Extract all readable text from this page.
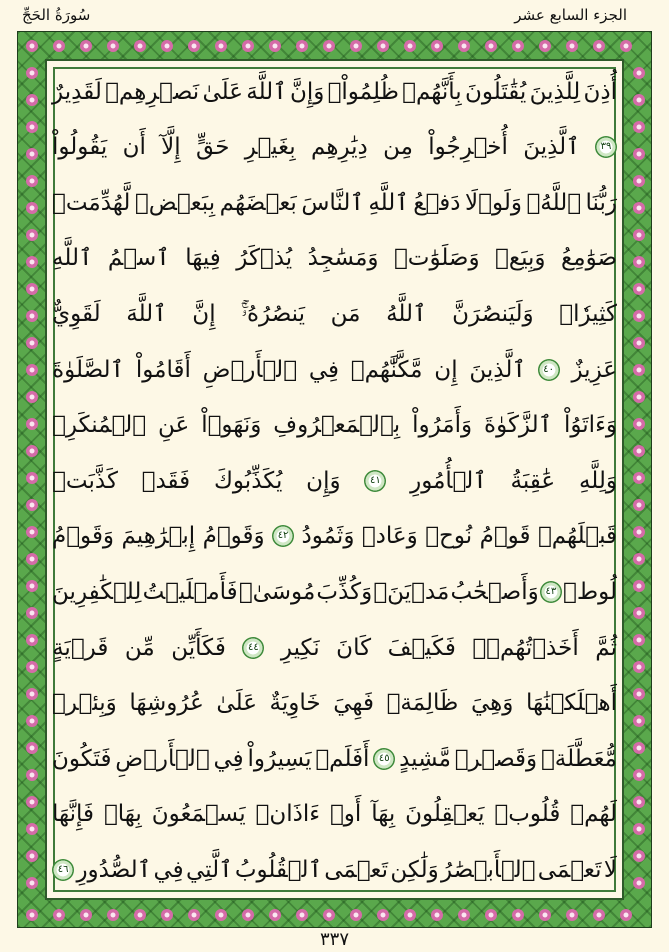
الجزء السابع عشر
سُورَةُ الحَجِّ
أُذِنَ
لِلَّذِينَ
يُقَٰتَلُونَ
بِأَنَّهُمۡ
ظُلِمُواْۚ
وَإِنَّ
ٱللَّهَ
عَلَىٰ
نَصۡرِهِمۡ
لَقَدِيرٌ
٣٩
ٱلَّذِينَ
أُخۡرِجُواْ
مِن
دِيَٰرِهِم
بِغَيۡرِ
حَقٍّ
إِلَّآ
أَن
يَقُولُواْ
رَبُّنَا
ٱللَّهُۗ
وَلَوۡلَا
دَفۡعُ
ٱللَّهِ
ٱلنَّاسَ
بَعۡضَهُم
بِبَعۡضٖ
لَّهُدِّمَتۡ
صَوَٰمِعُ
وَبِيَعٞ
وَصَلَوَٰتٞ
وَمَسَٰجِدُ
يُذۡكَرُ
فِيهَا
ٱسۡمُ
ٱللَّهِ
كَثِيرٗاۗ
وَلَيَنصُرَنَّ
ٱللَّهُ
مَن
يَنصُرُهُۥٓۚ
إِنَّ
ٱللَّهَ
لَقَوِيٌّ
عَزِيزٌ
٤٠
ٱلَّذِينَ
إِن
مَّكَّنَّٰهُمۡ
فِي
ٱلۡأَرۡضِ
أَقَامُواْ
ٱلصَّلَوٰةَ
وَءَاتَوُاْ
ٱلزَّكَوٰةَ
وَأَمَرُواْ
بِٱلۡمَعۡرُوفِ
وَنَهَوۡاْ
عَنِ
ٱلۡمُنكَرِۗ
وَلِلَّهِ
عَٰقِبَةُ
ٱلۡأُمُورِ
٤١
وَإِن
يُكَذِّبُوكَ
فَقَدۡ
كَذَّبَتۡ
قَبۡلَهُمۡ
قَوۡمُ
نُوحٖ
وَعَادٞ
وَثَمُودُ
٤٢
وَقَوۡمُ
إِبۡرَٰهِيمَ
وَقَوۡمُ
لُوطٖ
٤٣
وَأَصۡحَٰبُ
مَدۡيَنَۖ
وَكُذِّبَ
مُوسَىٰۖ
فَأَمۡلَيۡتُ
لِلۡكَٰفِرِينَ
ثُمَّ
أَخَذۡتُهُمۡۖ
فَكَيۡفَ
كَانَ
نَكِيرِ
٤٤
فَكَأَيِّن
مِّن
قَرۡيَةٍ
أَهۡلَكۡنَٰهَا
وَهِيَ
ظَالِمَةٞ
فَهِيَ
خَاوِيَةٌ
عَلَىٰ
عُرُوشِهَا
وَبِئۡرٖ
مُّعَطَّلَةٖ
وَقَصۡرٖ
مَّشِيدٍ
٤٥
أَفَلَمۡ
يَسِيرُواْ
فِي
ٱلۡأَرۡضِ
فَتَكُونَ
لَهُمۡ
قُلُوبٞ
يَعۡقِلُونَ
بِهَآ
أَوۡ
ءَاذَانٞ
يَسۡمَعُونَ
بِهَاۖ
فَإِنَّهَا
لَا
تَعۡمَى
ٱلۡأَبۡصَٰرُ
وَلَٰكِن
تَعۡمَى
ٱلۡقُلُوبُ
ٱلَّتِي
فِي
ٱلصُّدُورِ
٤٦
٣٣٧
